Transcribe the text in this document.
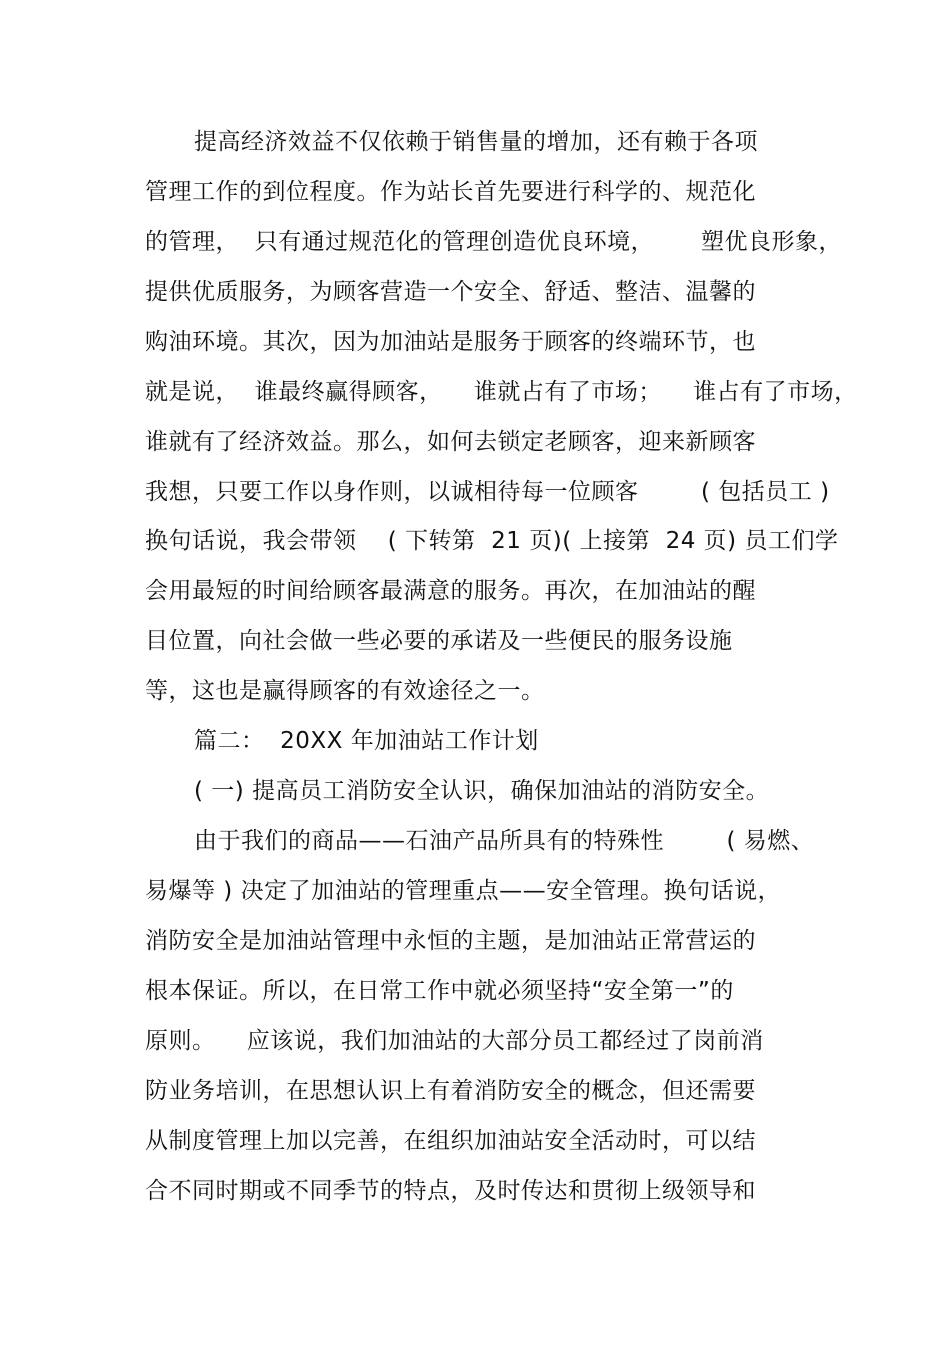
提高经济效益不仅依赖于销售量的增加，还有赖于各项
管理工作的到位程度。作为站长首先要进行科学的、规范化
的管理，  只有通过规范化的管理创造优良环境，      塑优良形象，
提供优质服务，为顾客营造一个安全、舒适、整洁、温馨的
购油环境。其次，因为加油站是服务于顾客的终端环节，也
就是说，  谁最终赢得顾客，    谁就占有了市场；    谁占有了市场，
谁就有了经济效益。那么，如何去锁定老顾客，迎来新顾客
我想，只要工作以身作则，以诚相待每一位顾客        ( 包括员工 )
换句话说，我会带领    ( 下转第  21 页)( 上接第  24 页) 员工们学
会用最短的时间给顾客最满意的服务。再次，在加油站的醒
目位置，向社会做一些必要的承诺及一些便民的服务设施
等，这也是赢得顾客的有效途径之一。
篇二：  20XX 年加油站工作计划
( 一) 提高员工消防安全认识，确保加油站的消防安全。
由于我们的商品——石油产品所具有的特殊性        ( 易燃、
易爆等 ) 决定了加油站的管理重点——安全管理。换句话说，
消防安全是加油站管理中永恒的主题，是加油站正常营运的
根本保证。所以，在日常工作中就必须坚持“安全第一”的
原则。    应该说，我们加油站的大部分员工都经过了岗前消
防业务培训，在思想认识上有着消防安全的概念，但还需要
从制度管理上加以完善，在组织加油站安全活动时，可以结
合不同时期或不同季节的特点，及时传达和贯彻上级领导和
